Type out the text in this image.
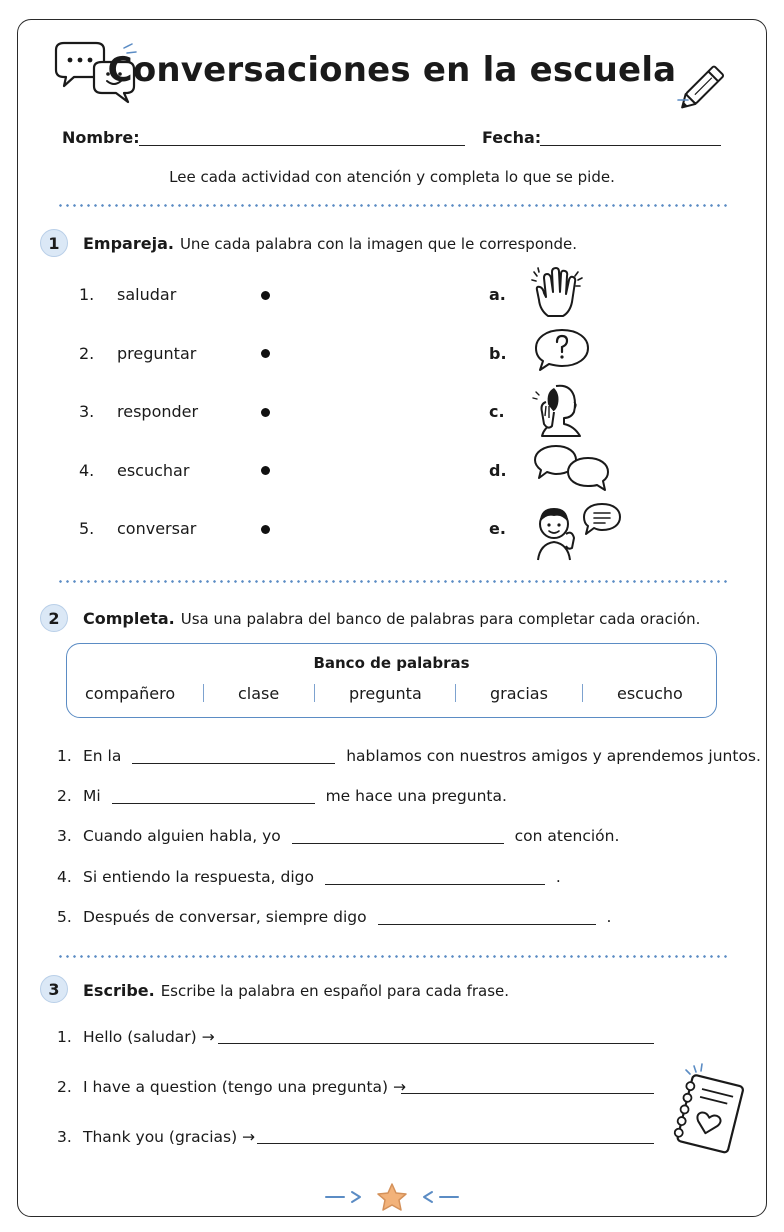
Conversaciones en la escuela
Nombre:	Fecha:
Lee cada actividad con atención y completa lo que se pide.
1	Empareja. Une cada palabra con la imagen que le corresponde.
1. saludar	a.
2. preguntar	b.
3. responder	c.
4. escuchar	d.
5. conversar	e.
2	Completa. Usa una palabra del banco de palabras para completar cada oración.
Banco de palabras
compañero	clase	pregunta	gracias	escucho
1. En la	hablamos con nuestros amigos y aprendemos juntos.
2. Mi	me hace una pregunta.
3. Cuando alguien habla, yo	con atención.
4. Si entiendo la respuesta, digo	.
5. Después de conversar, siempre digo	.
3	Escribe. Escribe la palabra en español para cada frase.
1. Hello (saludar) →
2. I have a question (tengo una pregunta) →
3. Thank you (gracias) →
